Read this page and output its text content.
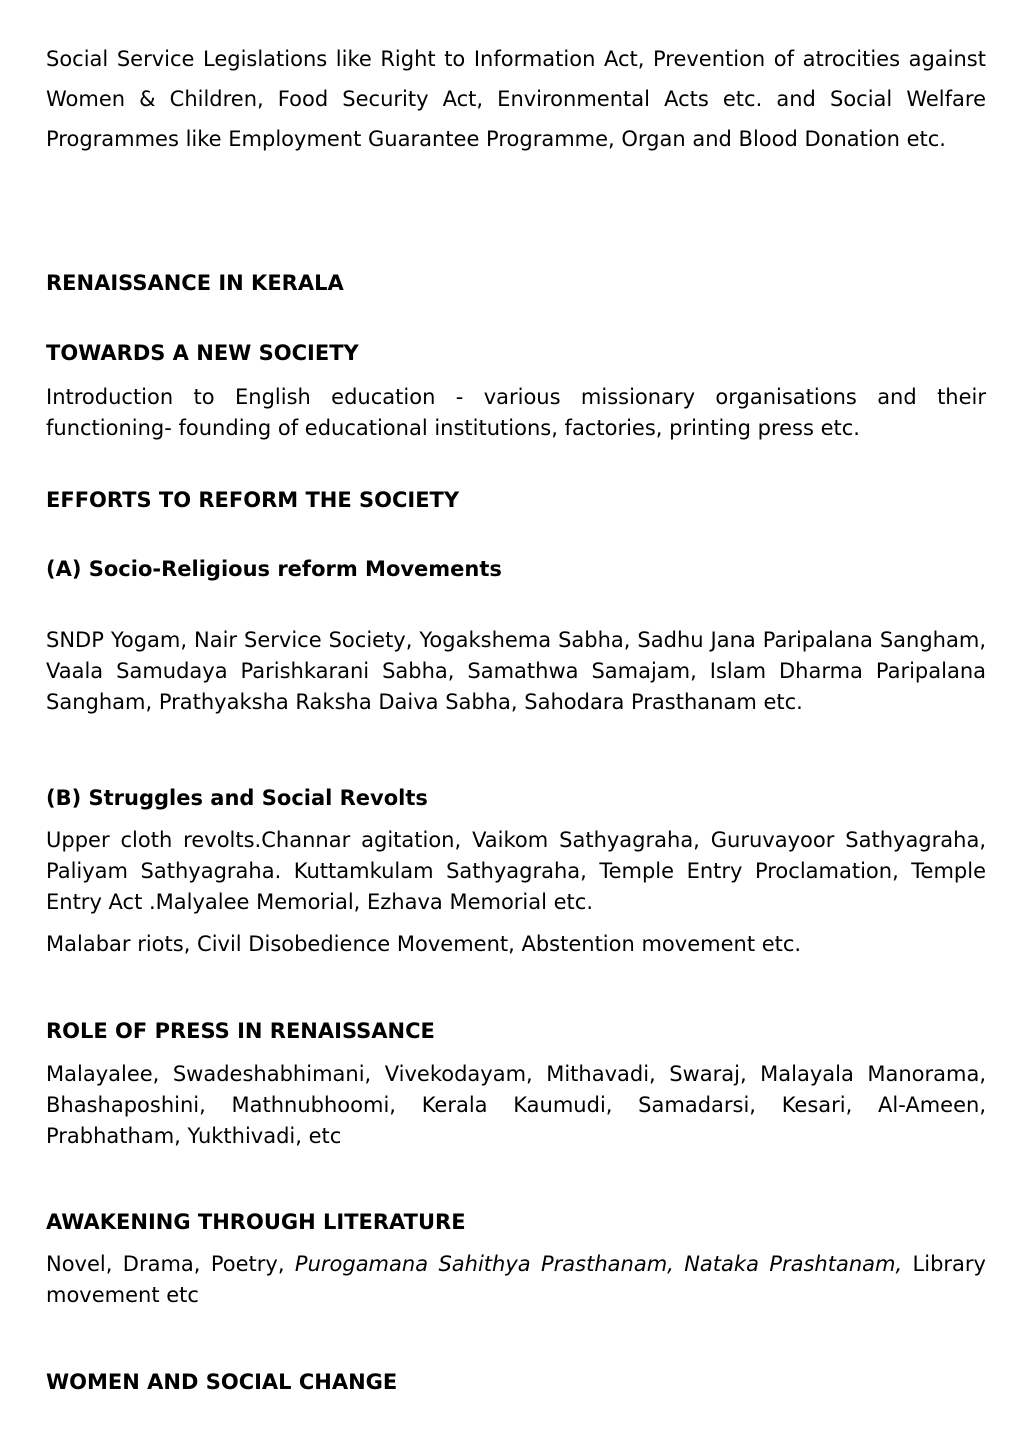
Social Service Legislations like Right to Information Act, Prevention of atrocities against Women & Children, Food Security Act, Environmental Acts etc. and Social Welfare Programmes like Employment Guarantee Programme, Organ and Blood Donation etc.

RENAISSANCE IN KERALA
TOWARDS A NEW SOCIETY

Introduction to English education - various missionary organisations and their functioning- founding of educational institutions, factories, printing press etc.

EFFORTS TO REFORM THE SOCIETY
(A) Socio-Religious reform Movements

SNDP Yogam, Nair Service Society, Yogakshema Sabha, Sadhu Jana Paripalana Sangham, Vaala Samudaya Parishkarani Sabha, Samathwa Samajam, Islam Dharma Paripalana Sangham, Prathyaksha Raksha Daiva Sabha, Sahodara Prasthanam etc.

(B) Struggles and Social Revolts

Upper cloth revolts.Channar agitation, Vaikom Sathyagraha, Guruvayoor Sathyagraha, Paliyam Sathyagraha. Kuttamkulam Sathyagraha, Temple Entry Proclamation, Temple Entry Act .Malyalee Memorial, Ezhava Memorial etc.

Malabar riots, Civil Disobedience Movement, Abstention movement etc.

ROLE OF PRESS IN RENAISSANCE

Malayalee, Swadeshabhimani, Vivekodayam, Mithavadi, Swaraj, Malayala Manorama, Bhashaposhini, Mathnubhoomi, Kerala Kaumudi, Samadarsi, Kesari, Al-Ameen, Prabhatham, Yukthivadi, etc

AWAKENING THROUGH LITERATURE

Novel, Drama, Poetry, Purogamana Sahithya Prasthanam, Nataka Prashtanam, Library movement etc

WOMEN AND SOCIAL CHANGE
